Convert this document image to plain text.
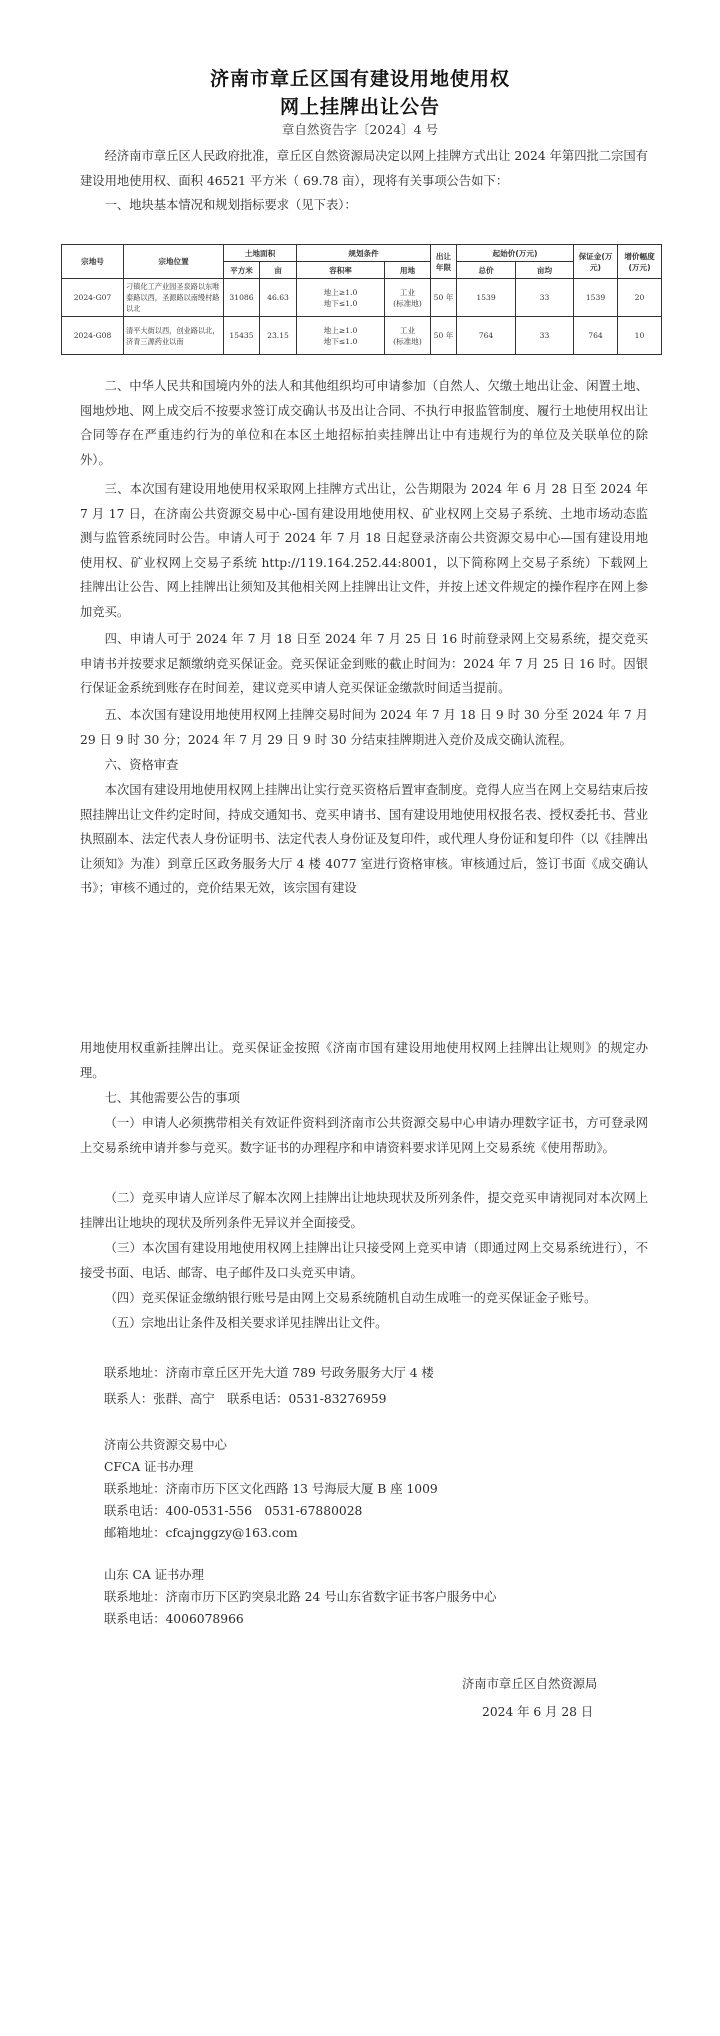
济南市章丘区国有建设用地使用权
网上挂牌出让公告
章自然资告字〔2024〕4 号

经济南市章丘区人民政府批准，章丘区自然资源局决定以网上挂牌方式出让 2024 年第四批二宗国有建设用地使用权、面积 46521 平方米（ 69.78 亩），现将有关事项公告如下：

一、地块基本情况和规划指标要求（见下表）：

宗地号	宗地位置	土地面积		规划条件		出让年限	起始价(万元)		保证金(万元)	增价幅度(万元)
		平方米	亩	容积率	用地		总价	亩均		
2024-G07	刁镇化工产业园圣泉路以东唯泰路以西，圣源路以南缦村路以北	31086	46.63	地上≥1.0
地下≤1.0	工业
(标准地)	50 年	1539	33	1539	20
2024-G08	清平大街以西，创业路以北，济青三源药业以南	15435	23.15	地上≥1.0
地下≤1.0	工业
(标准地)	50 年	764	33	764	10

二、中华人民共和国境内外的法人和其他组织均可申请参加（自然人、欠缴土地出让金、闲置土地、囤地炒地、网上成交后不按要求签订成交确认书及出让合同、不执行申报监管制度、履行土地使用权出让合同等存在严重违约行为的单位和在本区土地招标拍卖挂牌出让中有违规行为的单位及关联单位的除外）。

三、本次国有建设用地使用权采取网上挂牌方式出让，公告期限为 2024 年 6 月 28 日至 2024 年 7 月 17 日，在济南公共资源交易中心-国有建设用地使用权、矿业权网上交易子系统、土地市场动态监测与监管系统同时公告。申请人可于 2024 年 7 月 18 日起登录济南公共资源交易中心—国有建设用地使用权、矿业权网上交易子系统 http://119.164.252.44:8001，以下简称网上交易子系统）下载网上挂牌出让公告、网上挂牌出让须知及其他相关网上挂牌出让文件，并按上述文件规定的操作程序在网上参加竞买。

四、申请人可于 2024 年 7 月 18 日至 2024 年 7 月 25 日 16 时前登录网上交易系统，提交竞买申请书并按要求足额缴纳竞买保证金。竞买保证金到账的截止时间为：2024 年 7 月 25 日 16 时。因银行保证金系统到账存在时间差，建议竞买申请人竞买保证金缴款时间适当提前。

五、本次国有建设用地使用权网上挂牌交易时间为 2024 年 7 月 18 日 9 时 30 分至 2024 年 7 月 29 日 9 时 30 分；2024 年 7 月 29 日 9 时 30 分结束挂牌期进入竞价及成交确认流程。

六、资格审查

本次国有建设用地使用权网上挂牌出让实行竞买资格后置审查制度。竞得人应当在网上交易结束后按照挂牌出让文件约定时间，持成交通知书、竞买申请书、国有建设用地使用权报名表、授权委托书、营业执照副本、法定代表人身份证明书、法定代表人身份证及复印件，或代理人身份证和复印件（以《挂牌出让须知》为准）到章丘区政务服务大厅 4 楼 4077 室进行资格审核。审核通过后，签订书面《成交确认书》；审核不通过的，竞价结果无效，该宗国有建设

用地使用权重新挂牌出让。竞买保证金按照《济南市国有建设用地使用权网上挂牌出让规则》的规定办理。

七、其他需要公告的事项

（一）申请人必须携带相关有效证件资料到济南市公共资源交易中心申请办理数字证书，方可登录网上交易系统申请并参与竞买。数字证书的办理程序和申请资料要求详见网上交易系统《使用帮助》。

（二）竞买申请人应详尽了解本次网上挂牌出让地块现状及所列条件，提交竞买申请视同对本次网上挂牌出让地块的现状及所列条件无异议并全面接受。

（三）本次国有建设用地使用权网上挂牌出让只接受网上竞买申请（即通过网上交易系统进行），不接受书面、电话、邮寄、电子邮件及口头竞买申请。

（四）竞买保证金缴纳银行账号是由网上交易系统随机自动生成唯一的竞买保证金子账号。

（五）宗地出让条件及相关要求详见挂牌出让文件。

联系地址：济南市章丘区开先大道 789 号政务服务大厅 4 楼
联系人：张群、高宁　联系电话：0531-83276959
济南公共资源交易中心
CFCA 证书办理
联系地址：济南市历下区文化西路 13 号海辰大厦 B 座 1009
联系电话：400-0531-556　0531-67880028
邮箱地址：cfcajnggzy@163.com
山东 CA 证书办理
联系地址：济南市历下区趵突泉北路 24 号山东省数字证书客户服务中心
联系电话：4006078966
济南市章丘区自然资源局
2024 年 6 月 28 日
